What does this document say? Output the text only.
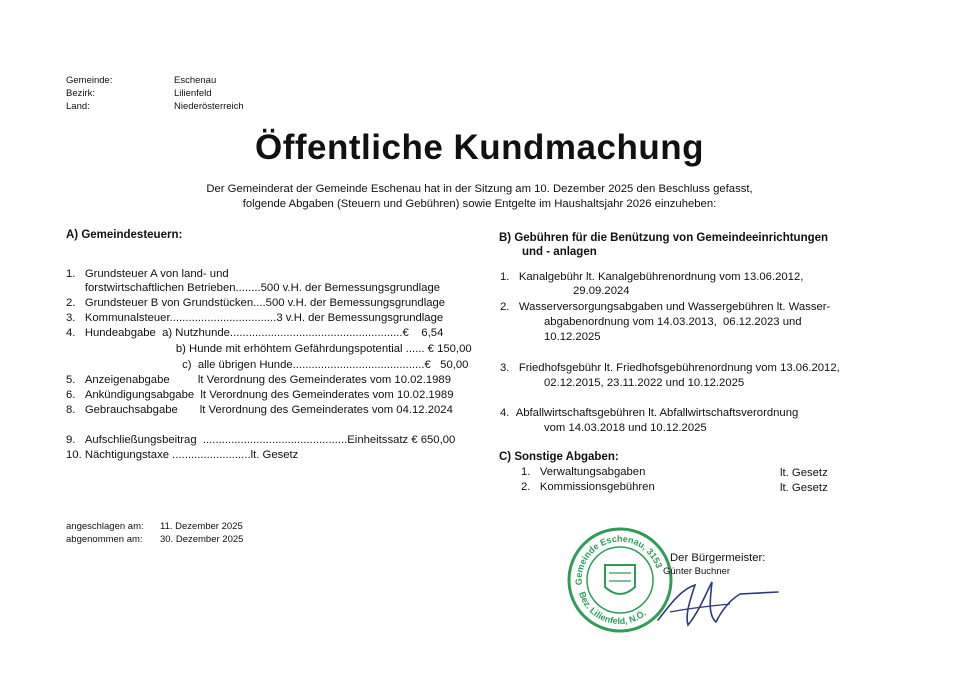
Gemeinde:	Eschenau
Bezirk:	Lilienfeld
Land:	Niederösterreich
Öffentliche Kundmachung
Der Gemeinderat der Gemeinde Eschenau hat in der Sitzung am 10. Dezember 2025 den Beschluss gefasst,
folgende Abgaben (Steuern und Gebühren) sowie Entgelte im Haushaltsjahr 2026 einzuheben:
A) Gemeindesteuern:
1.   Grundsteuer A von land- und
forstwirtschaftlichen Betrieben........500 v.H. der Bemessungsgrundlage
2.   Grundsteuer B von Grundstücken....500 v.H. der Bemessungsgrundlage
3.   Kommunalsteuer..................................3 v.H. der Bemessungsgrundlage
4.   Hundeabgabe  a) Nutzhunde.......................................................€    6,54
b) Hunde mit erhöhtem Gefährdungspotential ...... € 150,00
c)  alle übrigen Hunde..........................................€   50,00
5.   Anzeigenabgabe         lt Verordnung des Gemeinderates vom 10.02.1989
6.   Ankündigungsabgabe  lt Verordnung des Gemeinderates vom 10.02.1989
8.   Gebrauchsabgabe       lt Verordnung des Gemeinderates vom 04.12.2024
9.   Aufschließungsbeitrag  ..............................................Einheitssatz € 650,00
10. Nächtigungstaxe .........................lt. Gesetz
B) Gebühren für die Benützung von Gemeindeeinrichtungen
und - anlagen
1.   Kanalgebühr lt. Kanalgebührenordnung vom 13.06.2012,
29.09.2024
2.   Wasserversorgungsabgaben und Wassergebühren lt. Wasser-
abgabenordnung vom 14.03.2013,  06.12.2023 und
10.12.2025
3.   Friedhofsgebühr lt. Friedhofsgebührenordnung vom 13.06.2012,
02.12.2015, 23.11.2022 und 10.12.2025
4.  Abfallwirtschaftsgebühren lt. Abfallwirtschaftsverordnung
vom 14.03.2018 und 10.12.2025
C) Sonstige Abgaben:
1.   Verwaltungsabgaben	lt. Gesetz
2.   Kommissionsgebühren	lt. Gesetz
angeschlagen am: 11. Dezember 2025
abgenommen am: 30. Dezember 2025
Gemeinde Eschenau, 3153
Bez. Lilienfeld, N.Ö.
Der Bürgermeister:
Günter Buchner
